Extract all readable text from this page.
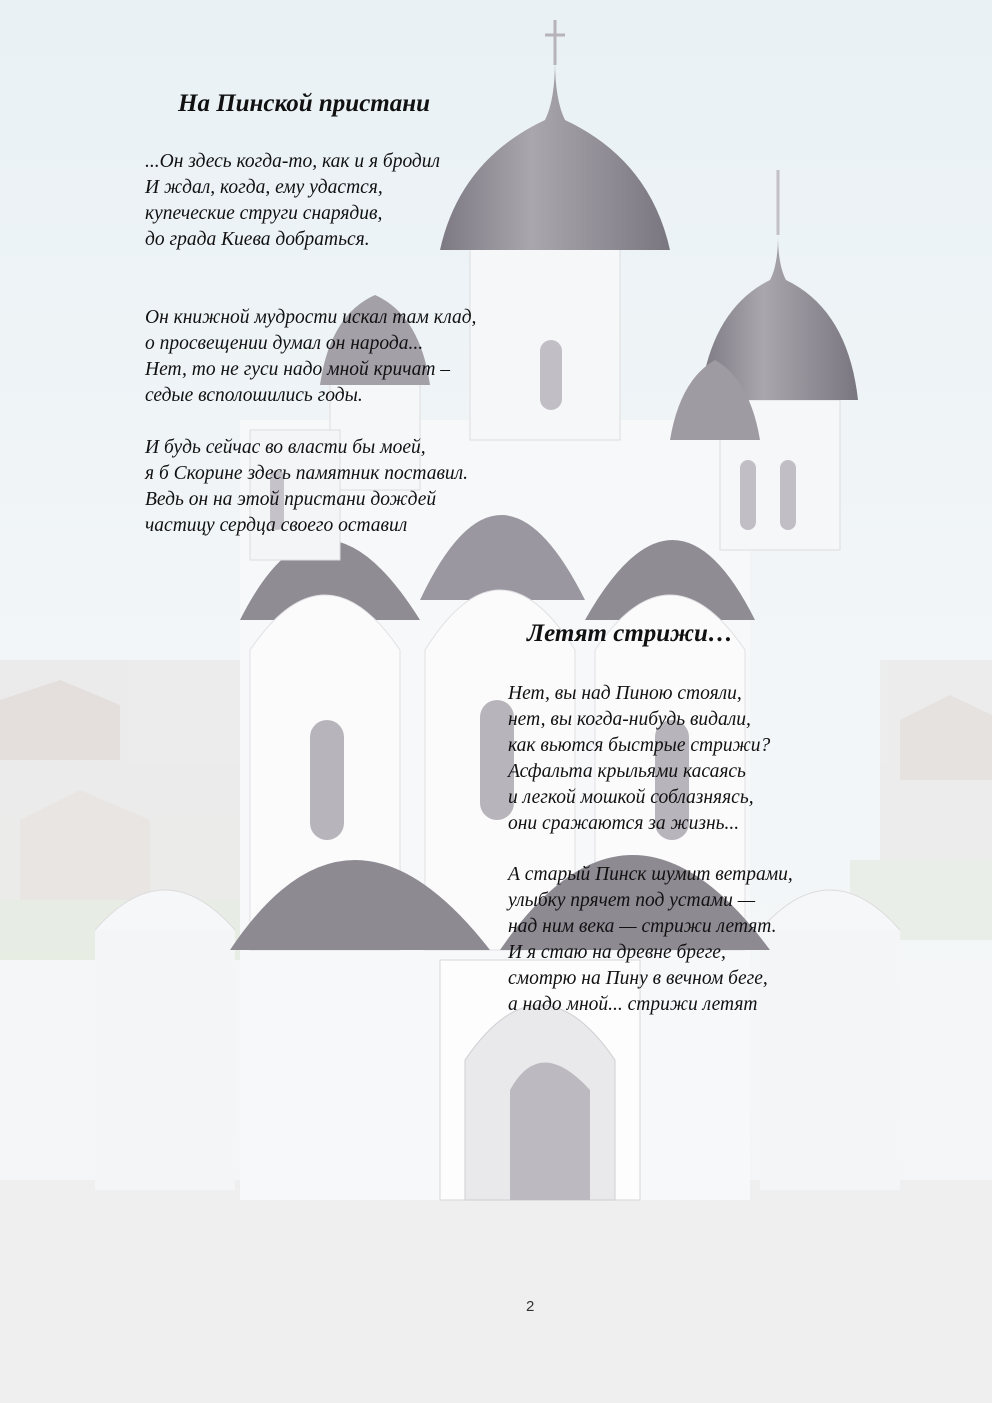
На Пинской пристани
...Он здесь когда-то, как и я бродил
И ждал, когда, ему удастся,
купеческие струги снарядив,
до града Киева добраться.
Он книжной мудрости искал там клад,
о просвещении думал он народа...
Нет, то не гуси надо мной кричат –
седые всполошились годы.
И будь сейчас во власти бы моей,
я б Скорине здесь памятник поставил.
Ведь он на этой пристани дождей
частицу сердца своего оставил
Летят стрижи…
Нет, вы над Пиною стояли,
нет, вы когда-нибудь видали,
как вьются быстрые стрижи?
Асфальта крыльями касаясь
и легкой мошкой соблазняясь,
они сражаются за жизнь...
А старый Пинск шумит ветрами,
улыбку прячет под устами —
над ним века — стрижи летят.
И я стаю на древне бреге,
смотрю на Пину в вечном беге,
а надо мной... стрижи летят
2
